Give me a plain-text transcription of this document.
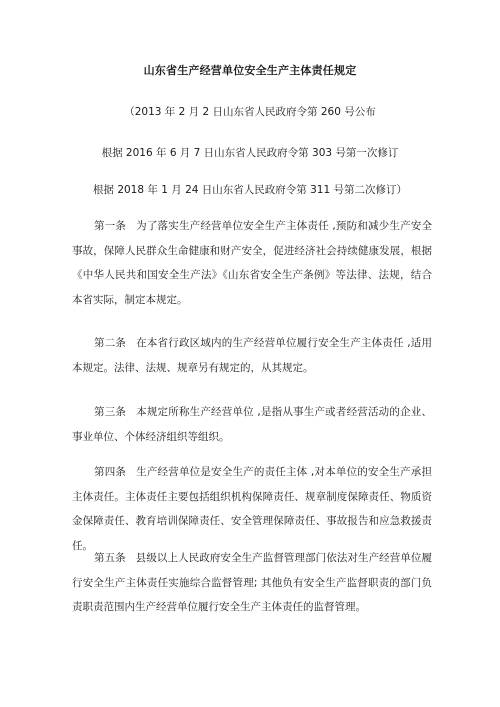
山东省生产经营单位安全生产主体责任规定
（2013 年 2 月 2 日山东省人民政府令第 260 号公布
根据 2016 年 6 月 7 日山东省人民政府令第 303 号第一次修订
根据 2018 年 1 月 24 日山东省人民政府令第 311 号第二次修订）
第一条 为了落实生产经营单位安全生产主体责任 ,预防和减少生产安全事故，保障人民群众生命健康和财产安全，促进经济社会持续健康发展，根据《中华人民共和国安全生产法》《山东省安全生产条例》等法律、法规，结合本省实际，制定本规定。
第二条 在本省行政区域内的生产经营单位履行安全生产主体责任 ,适用本规定。法律、法规、规章另有规定的，从其规定。
第三条 本规定所称生产经营单位 ,是指从事生产或者经营活动的企业、事业单位、个体经济组织等组织。
第四条 生产经营单位是安全生产的责任主体 ,对本单位的安全生产承担主体责任。主体责任主要包括组织机构保障责任、规章制度保障责任、物质资金保障责任、教育培训保障责任、安全管理保障责任、事故报告和应急救援责任。
第五条 县级以上人民政府安全生产监督管理部门依法对生产经营单位履行安全生产主体责任实施综合监督管理; 其他负有安全生产监督职责的部门负责职责范围内生产经营单位履行安全生产主体责任的监督管理。
